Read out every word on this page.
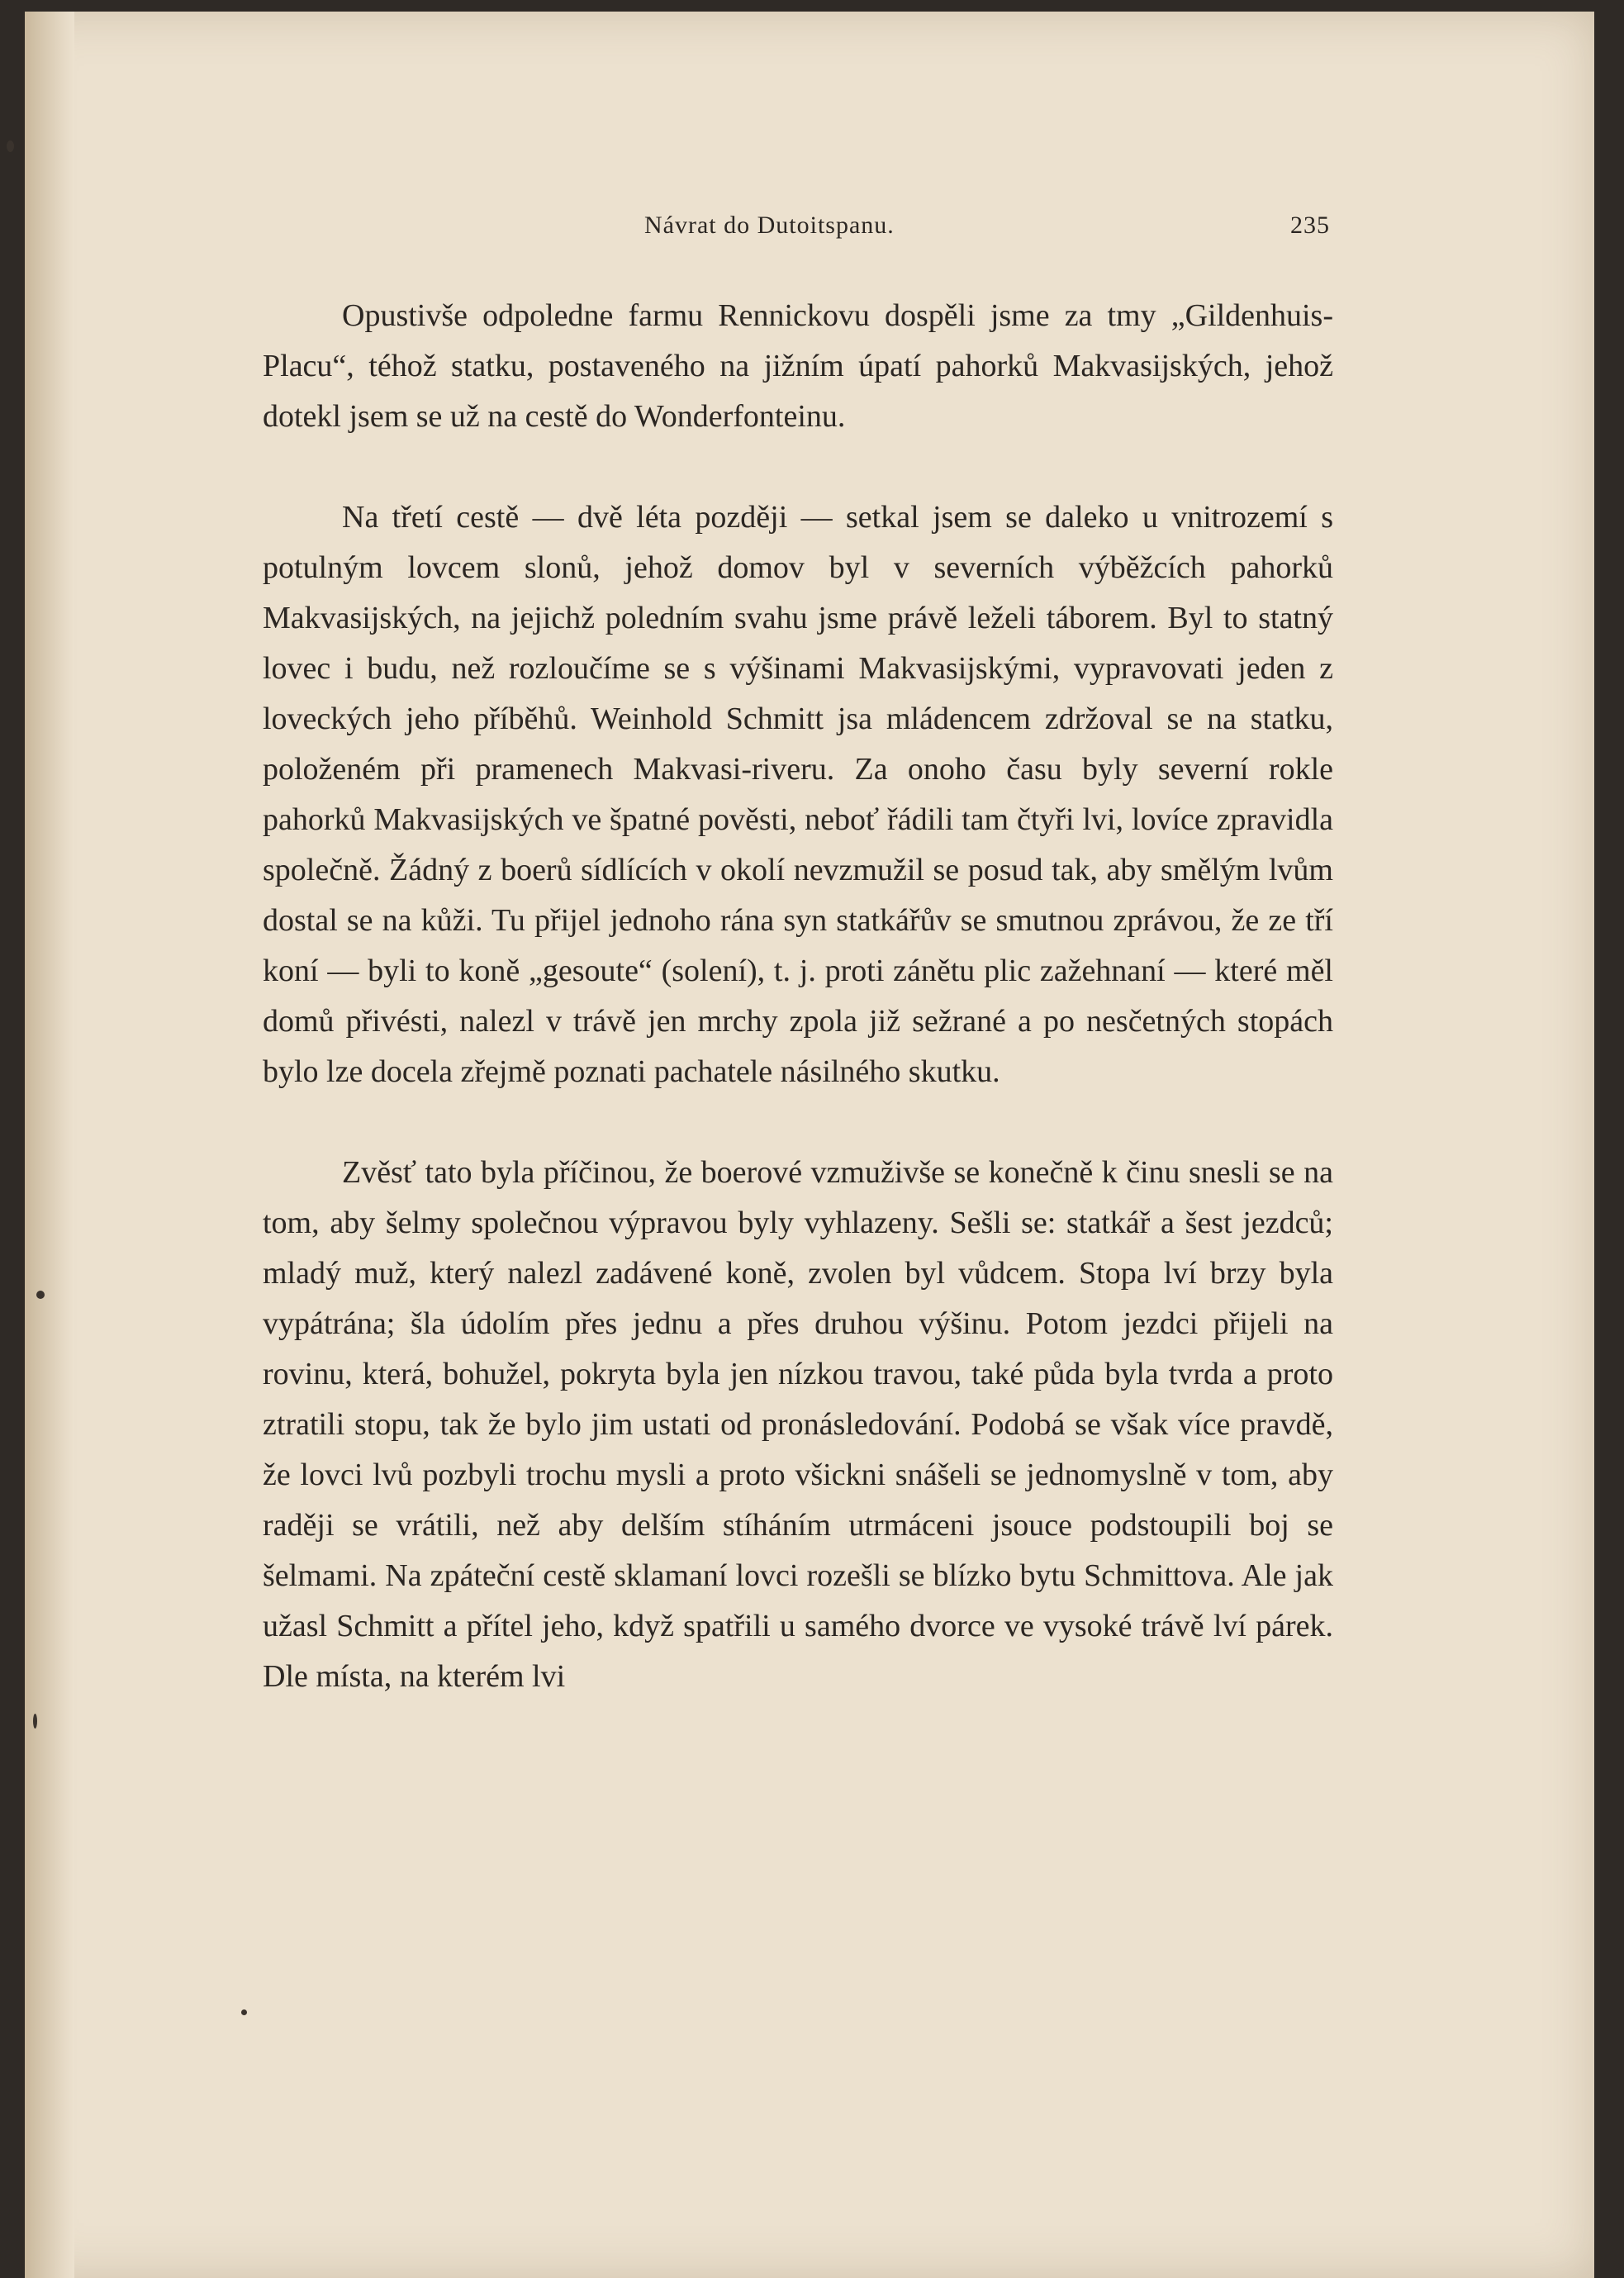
Návrat do Dutoitspanu.	235

Opustivše odpoledne farmu Rennickovu dospěli jsme za tmy „Gildenhuis-Placu“, téhož statku, postaveného na jižním úpatí pahorků Makvasijských, jehož dotekl jsem se už na cestě do Wonderfonteinu.

Na třetí cestě — dvě léta později — setkal jsem se daleko u vnitrozemí s potulným lovcem slonů, jehož domov byl v severních výběžcích pahorků Makvasijských, na jejichž poledním svahu jsme právě leželi táborem. Byl to statný lovec i budu, než rozloučíme se s výšinami Makvasijskými, vypravovati jeden z loveckých jeho příběhů. Weinhold Schmitt jsa mládencem zdržoval se na statku, položeném při pramenech Makvasi-riveru. Za onoho času byly severní rokle pahorků Makvasijských ve špatné pověsti, neboť řádili tam čtyři lvi, lovíce zpravidla společně. Žádný z boerů sídlících v okolí nevzmužil se posud tak, aby smělým lvům dostal se na kůži. Tu přijel jednoho rána syn statkářův se smutnou zprávou, že ze tří koní — byli to koně „gesoute“ (solení), t. j. proti zánětu plic zažehnaní — které měl domů přivésti, nalezl v trávě jen mrchy zpola již sežrané a po nesčetných stopách bylo lze docela zřejmě poznati pachatele násilného skutku.

Zvěsť tato byla příčinou, že boerové vzmuživše se konečně k činu snesli se na tom, aby šelmy společnou výpravou byly vyhlazeny. Sešli se: statkář a šest jezdců; mladý muž, který nalezl zadávené koně, zvolen byl vůdcem. Stopa lví brzy byla vypátrána; šla údolím přes jednu a přes druhou výšinu. Potom jezdci přijeli na rovinu, která, bohužel, pokryta byla jen nízkou travou, také půda byla tvrda a proto ztratili stopu, tak že bylo jim ustati od pronásledování. Podobá se však více pravdě, že lovci lvů pozbyli trochu mysli a proto všickni snášeli se jednomyslně v tom, aby raději se vrátili, než aby delším stíháním utrmáceni jsouce podstoupili boj se šelmami. Na zpáteční cestě sklamaní lovci rozešli se blízko bytu Schmittova. Ale jak užasl Schmitt a přítel jeho, když spatřili u samého dvorce ve vysoké trávě lví párek. Dle místa, na kterém lvi
